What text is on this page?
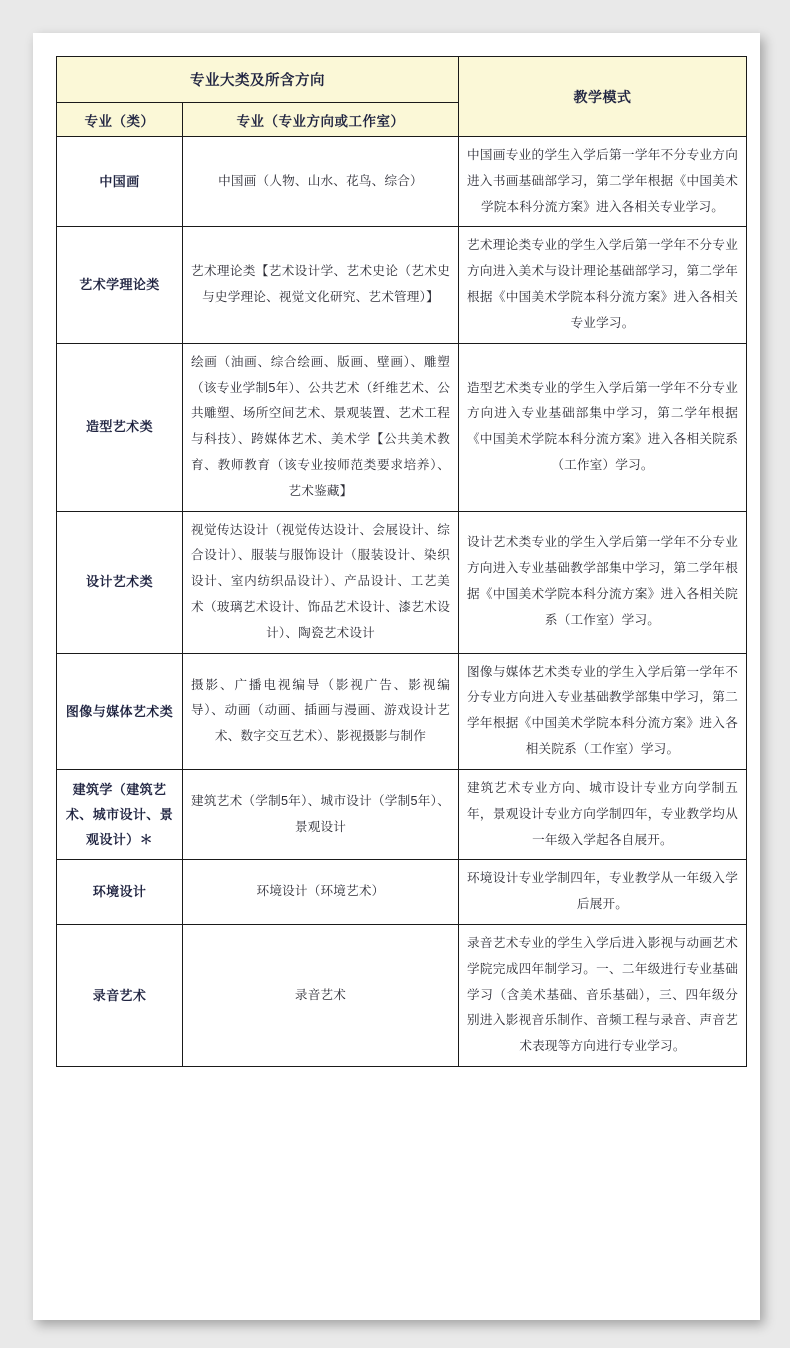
专业大类及所含方向		教学模式
专业（类）	专业（专业方向或工作室）	
中国画	中国画（人物、山水、花鸟、综合）	中国画专业的学生入学后第一学年不分专业方向进入书画基础部学习，第二学年根据《中国美术学院本科分流方案》进入各相关专业学习。
艺术学理论类	艺术理论类【艺术设计学、艺术史论（艺术史与史学理论、视觉文化研究、艺术管理）】	艺术理论类专业的学生入学后第一学年不分专业方向进入美术与设计理论基础部学习，第二学年根据《中国美术学院本科分流方案》进入各相关专业学习。
造型艺术类	绘画（油画、综合绘画、版画、壁画）、雕塑（该专业学制5年）、公共艺术（纤维艺术、公共雕塑、场所空间艺术、景观装置、艺术工程与科技）、跨媒体艺术、美术学【公共美术教育、教师教育（该专业按师范类要求培养）、艺术鉴藏】	造型艺术类专业的学生入学后第一学年不分专业方向进入专业基础部集中学习，第二学年根据《中国美术学院本科分流方案》进入各相关院系（工作室）学习。
设计艺术类	视觉传达设计（视觉传达设计、会展设计、综合设计）、服装与服饰设计（服装设计、染织设计、室内纺织品设计）、产品设计、工艺美术（玻璃艺术设计、饰品艺术设计、漆艺术设计）、陶瓷艺术设计	设计艺术类专业的学生入学后第一学年不分专业方向进入专业基础教学部集中学习，第二学年根据《中国美术学院本科分流方案》进入各相关院系（工作室）学习。
图像与媒体艺术类	摄影、广播电视编导（影视广告、影视编导）、动画（动画、插画与漫画、游戏设计艺术、数字交互艺术）、影视摄影与制作	图像与媒体艺术类专业的学生入学后第一学年不分专业方向进入专业基础教学部集中学习，第二学年根据《中国美术学院本科分流方案》进入各相关院系（工作室）学习。
建筑学（建筑艺术、城市设计、景观设计）＊	建筑艺术（学制5年）、城市设计（学制5年）、景观设计	建筑艺术专业方向、城市设计专业方向学制五年，景观设计专业方向学制四年，专业教学均从一年级入学起各自展开。
环境设计	环境设计（环境艺术）	环境设计专业学制四年，专业教学从一年级入学后展开。
录音艺术	录音艺术	录音艺术专业的学生入学后进入影视与动画艺术学院完成四年制学习。一、二年级进行专业基础学习（含美术基础、音乐基础），三、四年级分别进入影视音乐制作、音频工程与录音、声音艺术表现等方向进行专业学习。
